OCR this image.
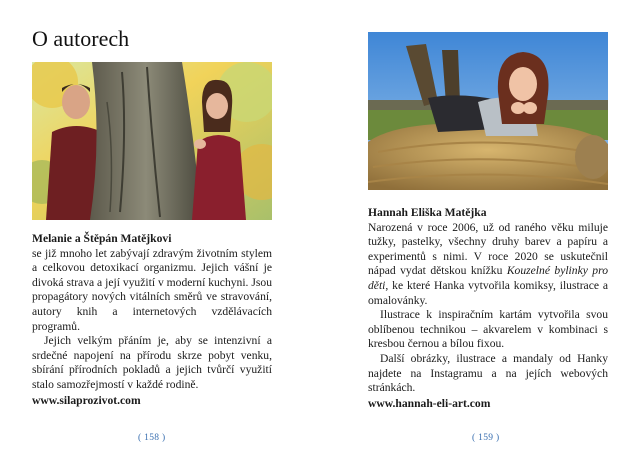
O autorech
Melanie a Štěpán Matějkovi

se již mnoho let zabývají zdravým životním stylem a celkovou detoxikací organizmu. Jejich vášní je divoká strava a její využití v moderní kuchyni. Jsou propagátory nových vitálních směrů ve stravování, autory knih a internetových vzdělávacích programů.

Jejich velkým přáním je, aby se intenzivní a srdečné napojení na přírodu skrze pobyt venku, sbírání přírodních pokladů a jejich tvůrčí využití stalo samozřejmostí v každé rodině.

www.silaprozivot.com
( 158 )
Hannah Eliška Matějka

Narozená v roce 2006, už od raného věku miluje tužky, pastelky, všechny druhy barev a papíru a experimentů s nimi. V roce 2020 se uskutečnil nápad vydat dětskou knížku Kouzelné bylinky pro děti, ke které Hanka vytvořila komiksy, ilustrace a omalovánky.

Ilustrace k inspiračním kartám vytvořila svou oblíbenou technikou – akvarelem v kombinaci s kresbou černou a bílou fixou.

Další obrázky, ilustrace a mandaly od Hanky najdete na Instagramu a na jejích webových stránkách.

www.hannah-eli-art.com
( 159 )
